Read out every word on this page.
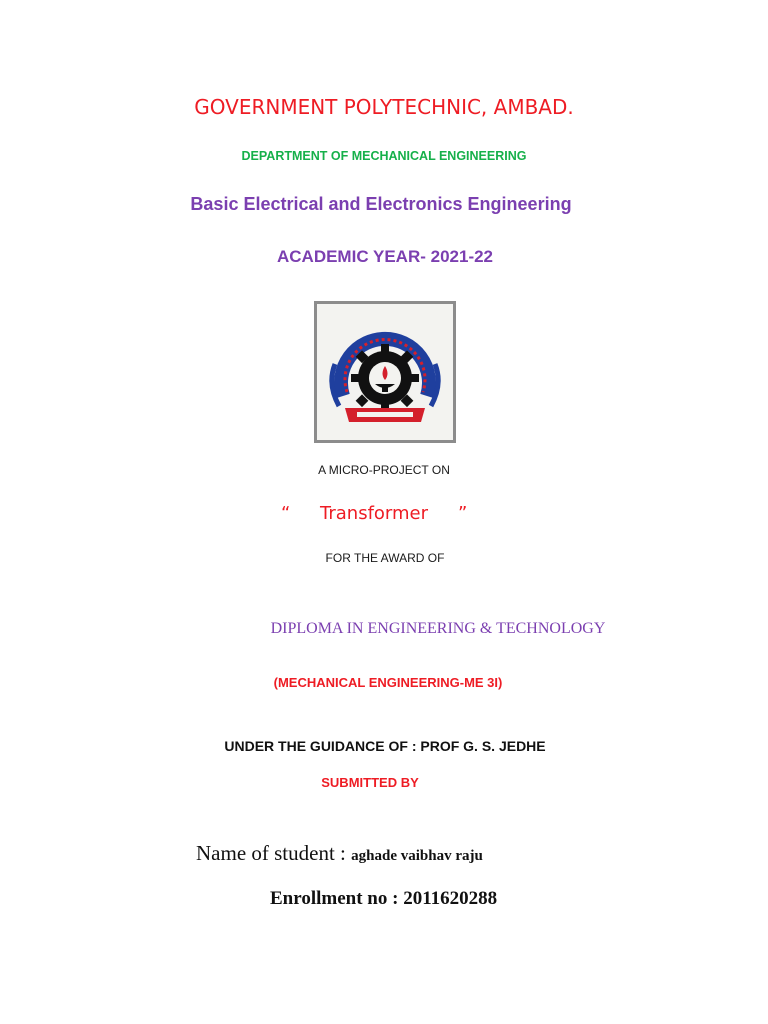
GOVERNMENT POLYTECHNIC, AMBAD.
DEPARTMENT OF MECHANICAL ENGINEERING
Basic Electrical and Electronics Engineering
ACADEMIC YEAR- 2021-22
A MICRO-PROJECT ON
“ Transformer ”
FOR THE AWARD OF
DIPLOMA IN ENGINEERING & TECHNOLOGY
(MECHANICAL ENGINEERING-ME 3I)
UNDER THE GUIDANCE OF : PROF G. S. JEDHE
SUBMITTED BY
Name of student : aghade vaibhav raju
Enrollment no : 2011620288
